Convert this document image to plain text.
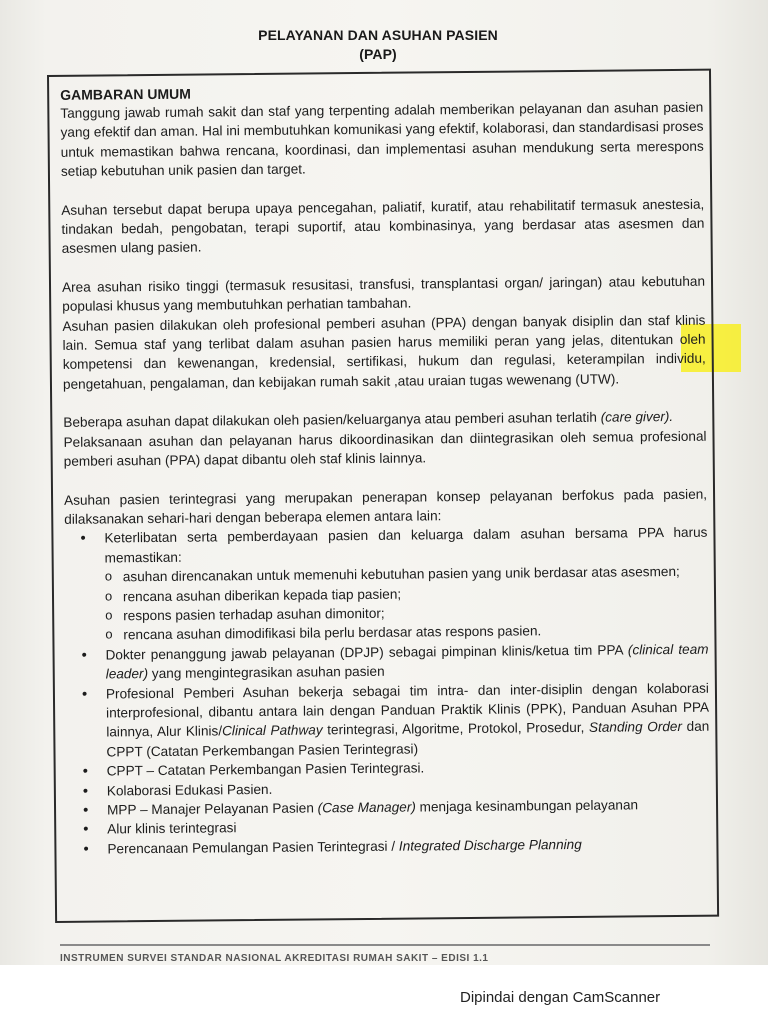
PELAYANAN DAN ASUHAN PASIEN
(PAP)
GAMBARAN UMUM

Tanggung jawab rumah sakit dan staf yang terpenting adalah memberikan pelayanan dan asuhan pasien yang efektif dan aman. Hal ini membutuhkan komunikasi yang efektif, kolaborasi, dan standardisasi proses untuk memastikan bahwa rencana, koordinasi, dan implementasi asuhan mendukung serta merespons setiap kebutuhan unik pasien dan target.

Asuhan tersebut dapat berupa upaya pencegahan, paliatif, kuratif, atau rehabilitatif termasuk anestesia, tindakan bedah, pengobatan, terapi suportif, atau kombinasinya, yang berdasar atas asesmen dan asesmen ulang pasien.

Area asuhan risiko tinggi (termasuk resusitasi, transfusi, transplantasi organ/ jaringan) atau kebutuhan populasi khusus yang membutuhkan perhatian tambahan.

Asuhan pasien dilakukan oleh profesional pemberi asuhan (PPA) dengan banyak disiplin dan staf klinis lain. Semua staf yang terlibat dalam asuhan pasien harus memiliki peran yang jelas, ditentukan oleh kompetensi dan kewenangan, kredensial, sertifikasi, hukum dan regulasi, keterampilan individu, pengetahuan, pengalaman, dan kebijakan rumah sakit ,atau uraian tugas wewenang (UTW).

Beberapa asuhan dapat dilakukan oleh pasien/keluarganya atau pemberi asuhan terlatih (care giver).

Pelaksanaan asuhan dan pelayanan harus dikoordinasikan dan diintegrasikan oleh semua profesional pemberi asuhan (PPA) dapat dibantu oleh staf klinis lainnya.

Asuhan pasien terintegrasi yang merupakan penerapan konsep pelayanan berfokus pada pasien, dilaksanakan sehari-hari dengan beberapa elemen antara lain:

• Keterlibatan serta pemberdayaan pasien dan keluarga dalam asuhan bersama PPA harus memastikan:
o asuhan direncanakan untuk memenuhi kebutuhan pasien yang unik berdasar atas asesmen;
o rencana asuhan diberikan kepada tiap pasien;
o respons pasien terhadap asuhan dimonitor;
o rencana asuhan dimodifikasi bila perlu berdasar atas respons pasien.
• Dokter penanggung jawab pelayanan (DPJP) sebagai pimpinan klinis/ketua tim PPA (clinical team leader) yang mengintegrasikan asuhan pasien
• Profesional Pemberi Asuhan bekerja sebagai tim intra- dan inter-disiplin dengan kolaborasi interprofesional, dibantu antara lain dengan Panduan Praktik Klinis (PPK), Panduan Asuhan PPA lainnya, Alur Klinis/Clinical Pathway terintegrasi, Algoritme, Protokol, Prosedur, Standing Order dan CPPT (Catatan Perkembangan Pasien Terintegrasi)
• CPPT – Catatan Perkembangan Pasien Terintegrasi.
• Kolaborasi Edukasi Pasien.
• MPP – Manajer Pelayanan Pasien (Case Manager) menjaga kesinambungan pelayanan
• Alur klinis terintegrasi
• Perencanaan Pemulangan Pasien Terintegrasi / Integrated Discharge Planning
INSTRUMEN SURVEI STANDAR NASIONAL AKREDITASI RUMAH SAKIT – EDISI 1.1
Dipindai dengan CamScanner
